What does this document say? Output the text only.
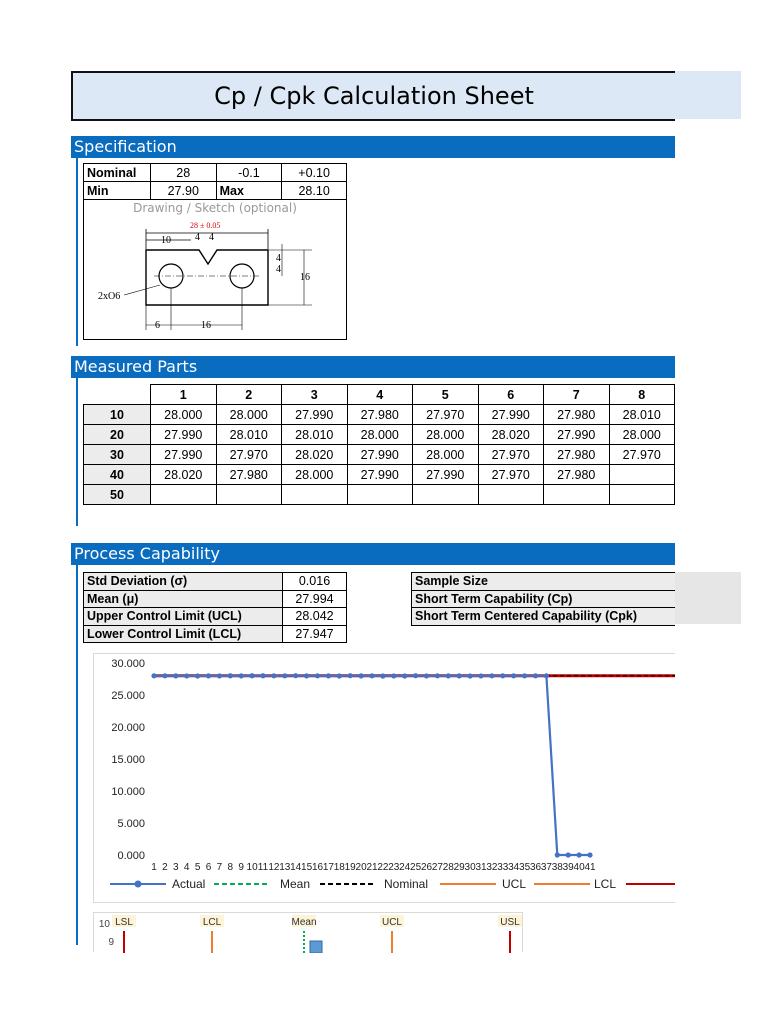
Cp / Cpk Calculation Sheet
Specification
Nominal	28	-0.1	+0.10
Min	27.90	Max	28.10
Drawing / Sketch (optional)
28 ± 0.05
10 4 4
4
4
16
2xO6
6	16
Measured Parts
	1	2	3	4	5	6	7	8
10	28.000	28.000	27.990	27.980	27.970	27.990	27.980	28.010
20	27.990	28.010	28.010	28.000	28.000	28.020	27.990	28.000
30	27.990	27.970	28.020	27.990	28.000	27.970	27.980	27.970
40	28.020	27.980	28.000	27.990	27.990	27.970	27.980	
50								
Process Capability
Std Deviation (σ)	0.016
Mean (μ)	27.994
Upper Control Limit (UCL)	28.042
Lower Control Limit (LCL)	27.947
Sample Size
Short Term Capability (Cp)
Short Term Centered Capability (Cpk)
30.000
25.000
20.000
15.000
10.000
5.000
0.000
1 2 3 4 5 6 7 8 9 10 11 12 13 14 15 16 17 18 19 20 21 22 23 24 25 26 27 28 29 30 31 32 33 34 35 36 37 38 39 40 41
Actual	Mean	Nominal	UCL	LCL
10
9
LSL	LCL	Mean	UCL	USL
